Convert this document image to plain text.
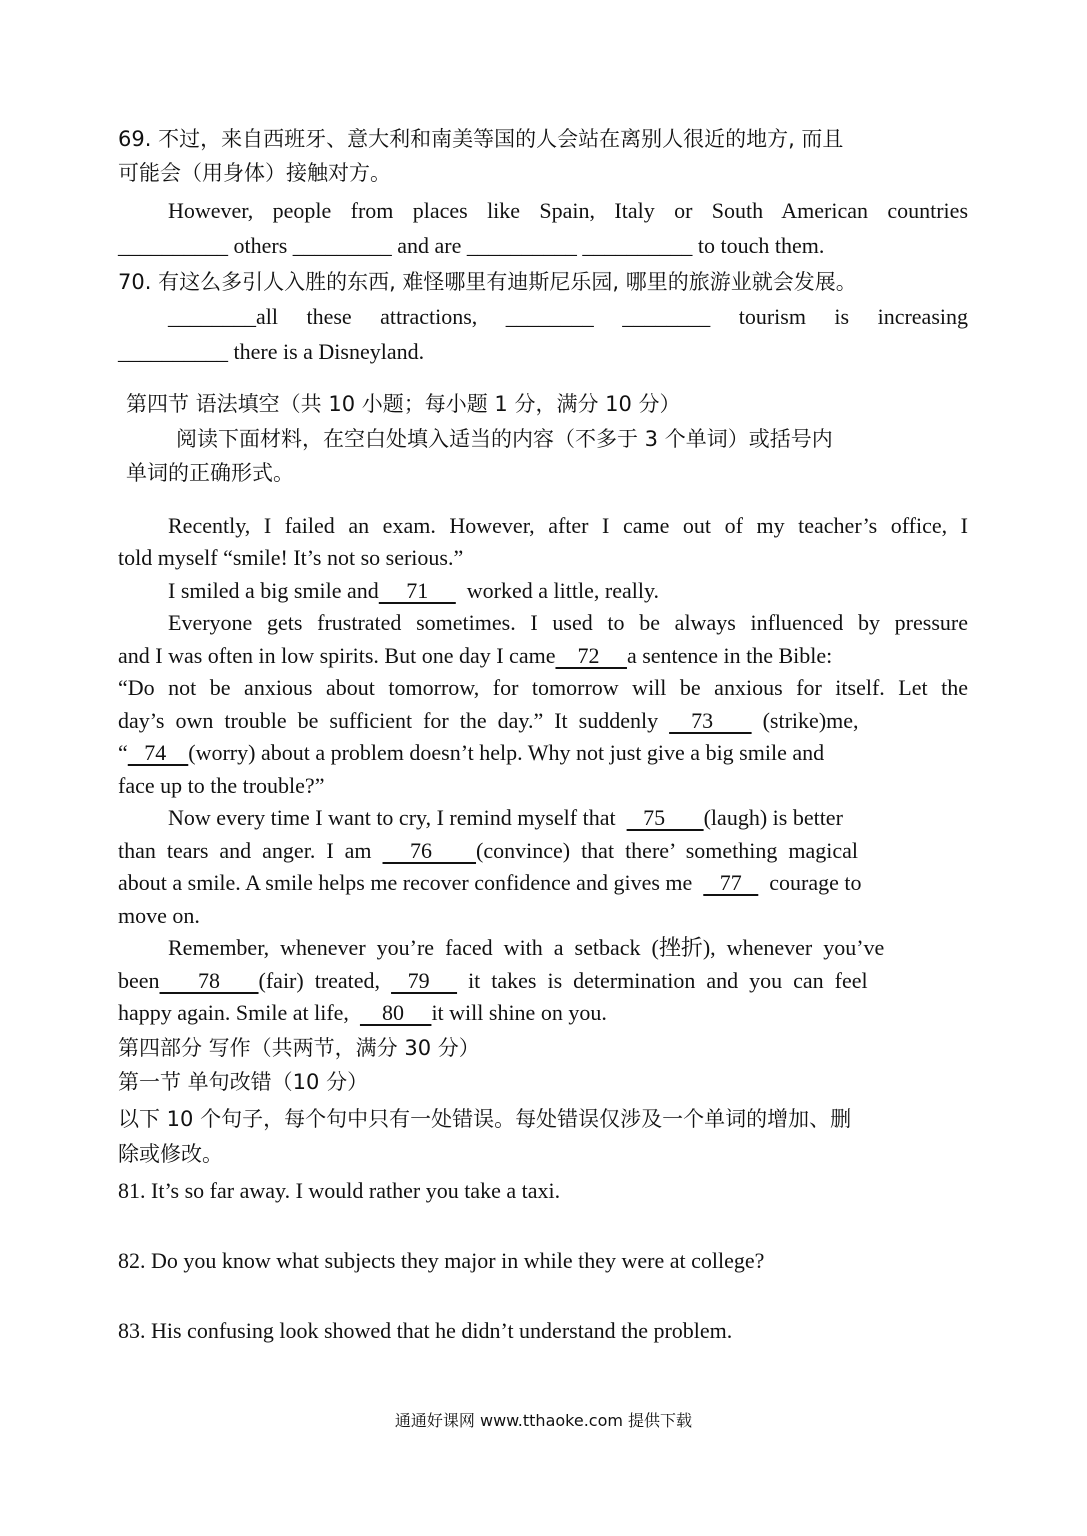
69. 不过，来自西班牙、意大利和南美等国的人会站在离别人很近的地方, 而且
可能会（用身体）接触对方。
However, people from places like Spain, Italy or South American countries
__________ others _________ and are __________ __________ to touch them.
70. 有这么多引人入胜的东西, 难怪哪里有迪斯尼乐园, 哪里的旅游业就会发展。
________all these attractions, ________ ________ tourism is increasing
__________ there is a Disneyland.
第四节 语法填空（共 10 小题；每小题 1 分，满分 10 分）
阅读下面材料，在空白处填入适当的内容（不多于 3 个单词）或括号内
单词的正确形式。
Recently, I failed an exam. However, after I came out of my teacher’s office, I
told myself “smile! It’s not so serious.”
I smiled a big smile and     71       worked a little, really.
Everyone gets frustrated sometimes. I used to be always influenced by pressure
and I was often in low spirits. But one day I came    72     a sentence in the Bible:
“Do not be anxious about tomorrow, for tomorrow will be anxious for itself. Let the
day’s  own  trouble  be  sufficient  for  the  day.”  It  suddenly      73         (strike)me,
“   74    (worry) about a problem doesn’t help. Why not just give a big smile and
face up to the trouble?”
Now every time I want to cry, I remind myself that     75       (laugh) is better
than  tears  and  anger.  I  am       76        (convince)  that  there’  something  magical
about a smile. A smile helps me recover confidence and gives me     77     courage to
move on.
Remember,  whenever  you’re  faced  with  a  setback  (挫折),  whenever  you’ve
been       78       (fair)  treated,     79       it  takes  is  determination  and  you  can  feel
happy again. Smile at life,      80     it will shine on you.
第四部分 写作（共两节，满分 30 分）
第一节 单句改错（10 分）
以下 10 个句子，每个句中只有一处错误。每处错误仅涉及一个单词的增加、删
除或修改。
81. It’s so far away. I would rather you take a taxi.
82. Do you know what subjects they major in while they were at college?
83. His confusing look showed that he didn’t understand the problem.
通通好课网 www.tthaoke.com 提供下载
